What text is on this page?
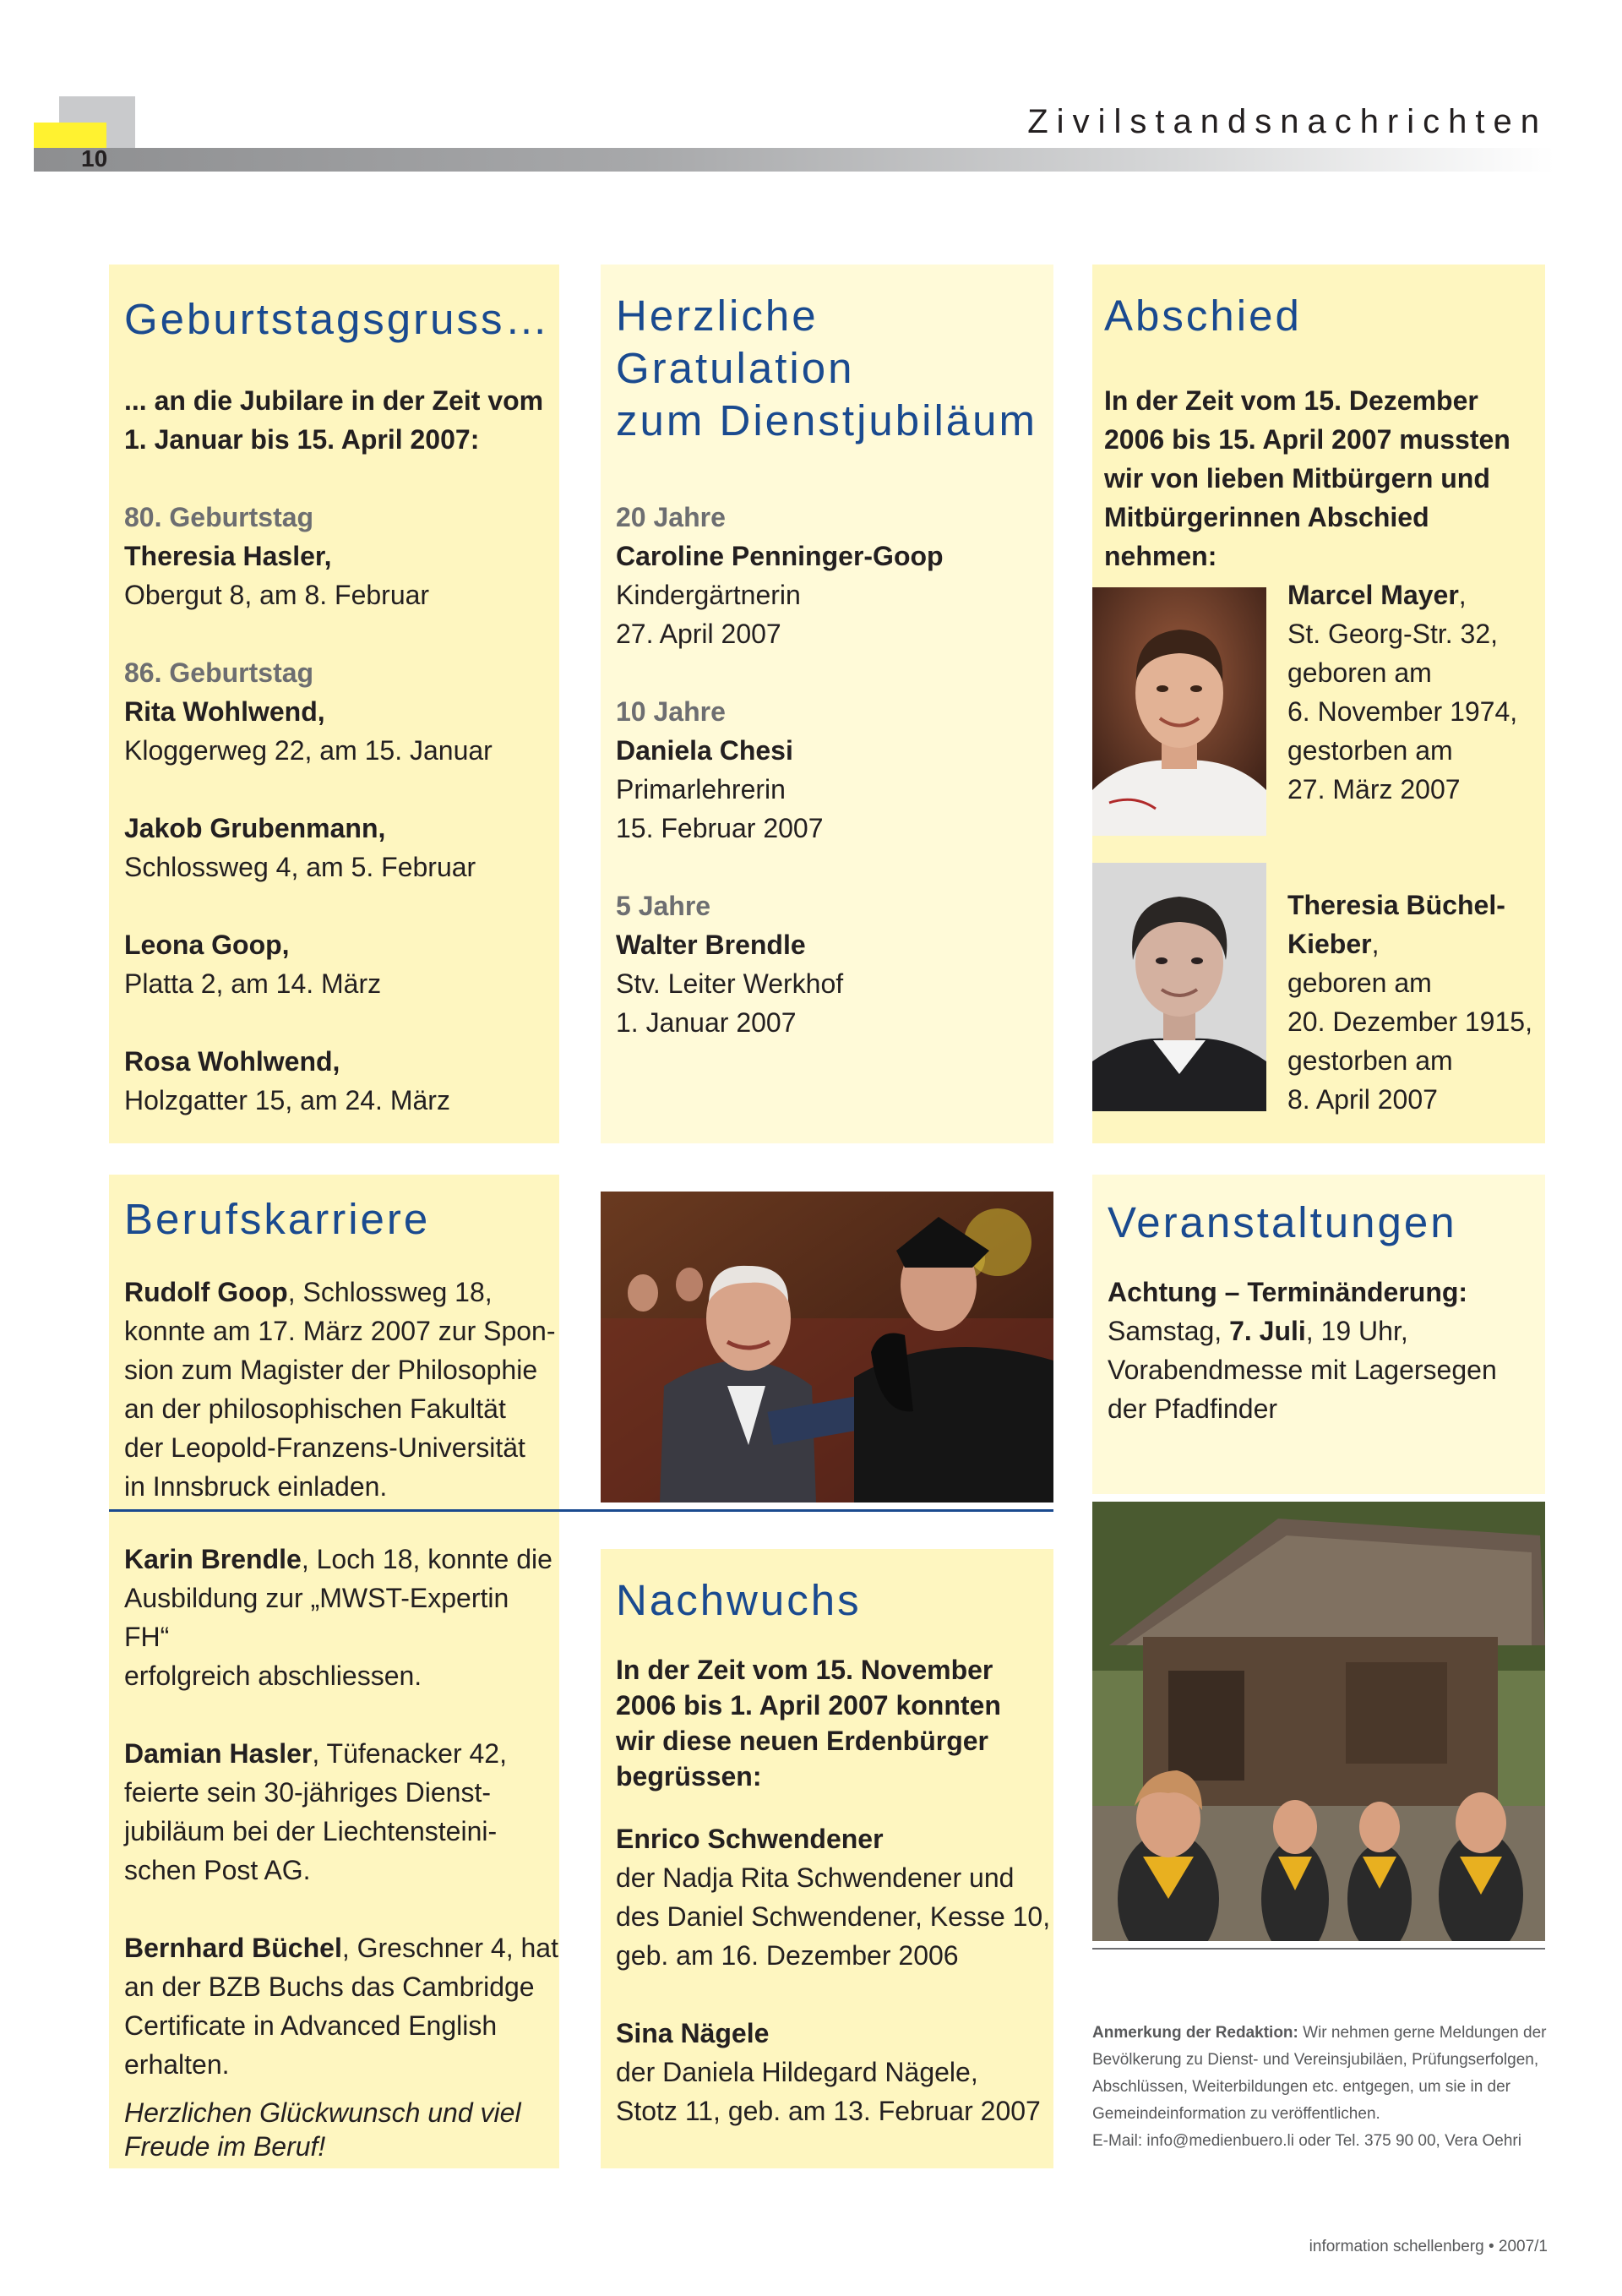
10
Zivilstandsnachrichten
Geburtstagsgruss…

... an die Jubilare in der Zeit vom

1. Januar bis 15. April 2007:

80. Geburtstag

Theresia Hasler,

Obergut 8, am 8. Februar

86. Geburtstag

Rita Wohlwend,

Kloggerweg 22, am 15. Januar

Jakob Grubenmann,

Schlossweg 4, am 5. Februar

Leona Goop,

Platta 2, am 14. März

Rosa Wohlwend,

Holzgatter 15, am 24. März

Herzliche
Gratulation
zum Dienstjubiläum

20 Jahre

Caroline Penninger-Goop

Kindergärtnerin

27. April 2007

10 Jahre

Daniela Chesi

Primarlehrerin

15. Februar 2007

5 Jahre

Walter Brendle

Stv. Leiter Werkhof

1. Januar 2007

Abschied

In der Zeit vom 15. Dezember

2006 bis 15. April 2007 mussten

wir von lieben Mitbürgern und

Mitbürgerinnen Abschied nehmen:

Marcel Mayer,

St. Georg-Str. 32,

geboren am

6. November 1974,

gestorben am

27. März 2007

Theresia Büchel-

Kieber,

geboren am

20. Dezember 1915,

gestorben am

8. April 2007

Berufskarriere

Rudolf Goop, Schlossweg 18,

konnte am 17. März 2007 zur Spon-

sion zum Magister der Philosophie

an der philosophischen Fakultät

der Leopold-Franzens-Universität

in Innsbruck einladen.

Karin Brendle, Loch 18, konnte die

Ausbildung zur „MWST-Expertin FH“

erfolgreich abschliessen.

Damian Hasler, Tüfenacker 42,

feierte sein 30-jähriges Dienst-

jubiläum bei der Liechtensteini-

schen Post AG.

Bernhard Büchel, Greschner 4, hat

an der BZB Buchs das Cambridge

Certificate in Advanced English

erhalten.

Herzlichen Glückwunsch und viel

Freude im Beruf!

Veranstaltungen

Achtung – Terminänderung:

Samstag, 7. Juli, 19 Uhr,

Vorabendmesse mit Lagersegen

der Pfadfinder

Nachwuchs

In der Zeit vom 15. November

2006 bis 1. April 2007 konnten

wir diese neuen Erdenbürger

begrüssen:

Enrico Schwendener

der Nadja Rita Schwendener und

des Daniel Schwendener, Kesse 10,

geb. am 16. Dezember 2006

Sina Nägele

der Daniela Hildegard Nägele,

Stotz 11, geb. am 13. Februar 2007

Anmerkung der Redaktion: Wir nehmen gerne Meldungen der
Bevölkerung zu Dienst- und Vereinsjubiläen, Prüfungserfolgen,
Abschlüssen, Weiterbildungen etc. entgegen, um sie in der
Gemeindeinformation zu veröffentlichen.
E-Mail: info@medienbuero.li oder Tel. 375 90 00, Vera Oehri
information schellenberg • 2007/1
